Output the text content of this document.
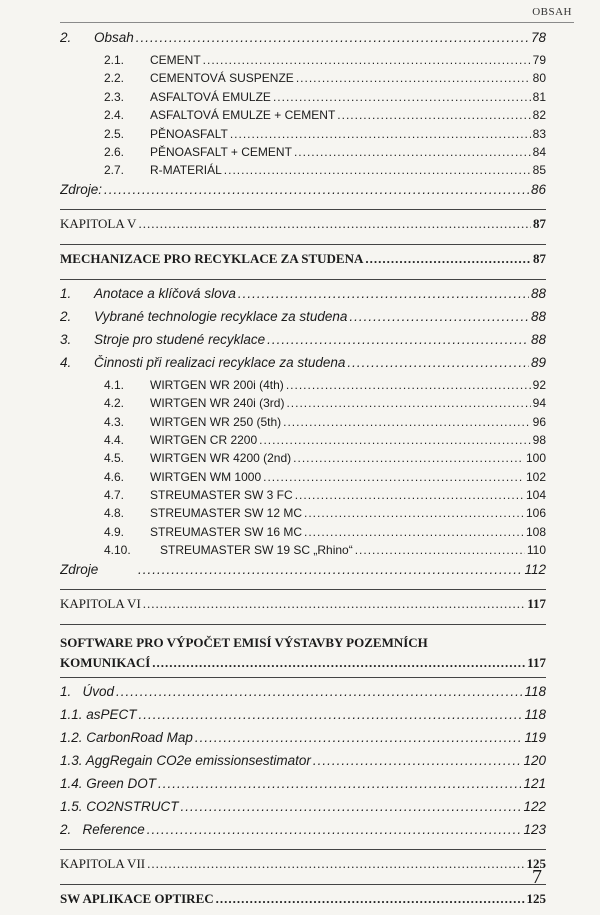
OBSAH
2.	Obsah .....	78
2.1.	CEMENT .....	79
2.2.	CEMENTOVÁ SUSPENZE .....	80
2.3.	ASFALTOVÁ EMULZE .....	81
2.4.	ASFALTOVÁ EMULZE + CEMENT .....	82
2.5.	PĚNOASFALT .....	83
2.6.	PĚNOASFALT + CEMENT .....	84
2.7.	R-MATERIÁL .....	85
Zdroje: .....	86
KAPITOLA V .....	87
MECHANIZACE PRO RECYKLACE ZA STUDENA .....	87
1.	Anotace a klíčová slova .....	88
2.	Vybrané technologie recyklace za studena .....	88
3.	Stroje pro studené recyklace .....	88
4.	Činnosti při realizaci recyklace za studena .....	89
4.1.	WIRTGEN WR 200i (4th) .....	92
4.2.	WIRTGEN WR 240i (3rd) .....	94
4.3.	WIRTGEN WR 250 (5th) .....	96
4.4.	WIRTGEN CR 2200 .....	98
4.5.	WIRTGEN WR 4200 (2nd) .....	100
4.6.	WIRTGEN WM 1000 .....	102
4.7.	STREUMASTER SW 3 FC .....	104
4.8.	STREUMASTER SW 12 MC .....	106
4.9.	STREUMASTER SW 16 MC .....	108
4.10.	STREUMASTER SW 19 SC „Rhino“ .....	110
Zdroje .....	112
KAPITOLA VI .....	117
SOFTWARE PRO VÝPOČET EMISÍ VÝSTAVBY POZEMNÍCH
KOMUNIKACÍ .....	117
1.   Úvod .....	118
1.1. asPECT .....	118
1.2. CarbonRoad Map .....	119
1.3. AggRegain CO2e emissionsestimator .....	120
1.4. Green DOT .....	121
1.5. CO2NSTRUCT .....	122
2.   Reference .....	123
KAPITOLA VII .....	125
SW APLIKACE OPTIREC .....	125
7
